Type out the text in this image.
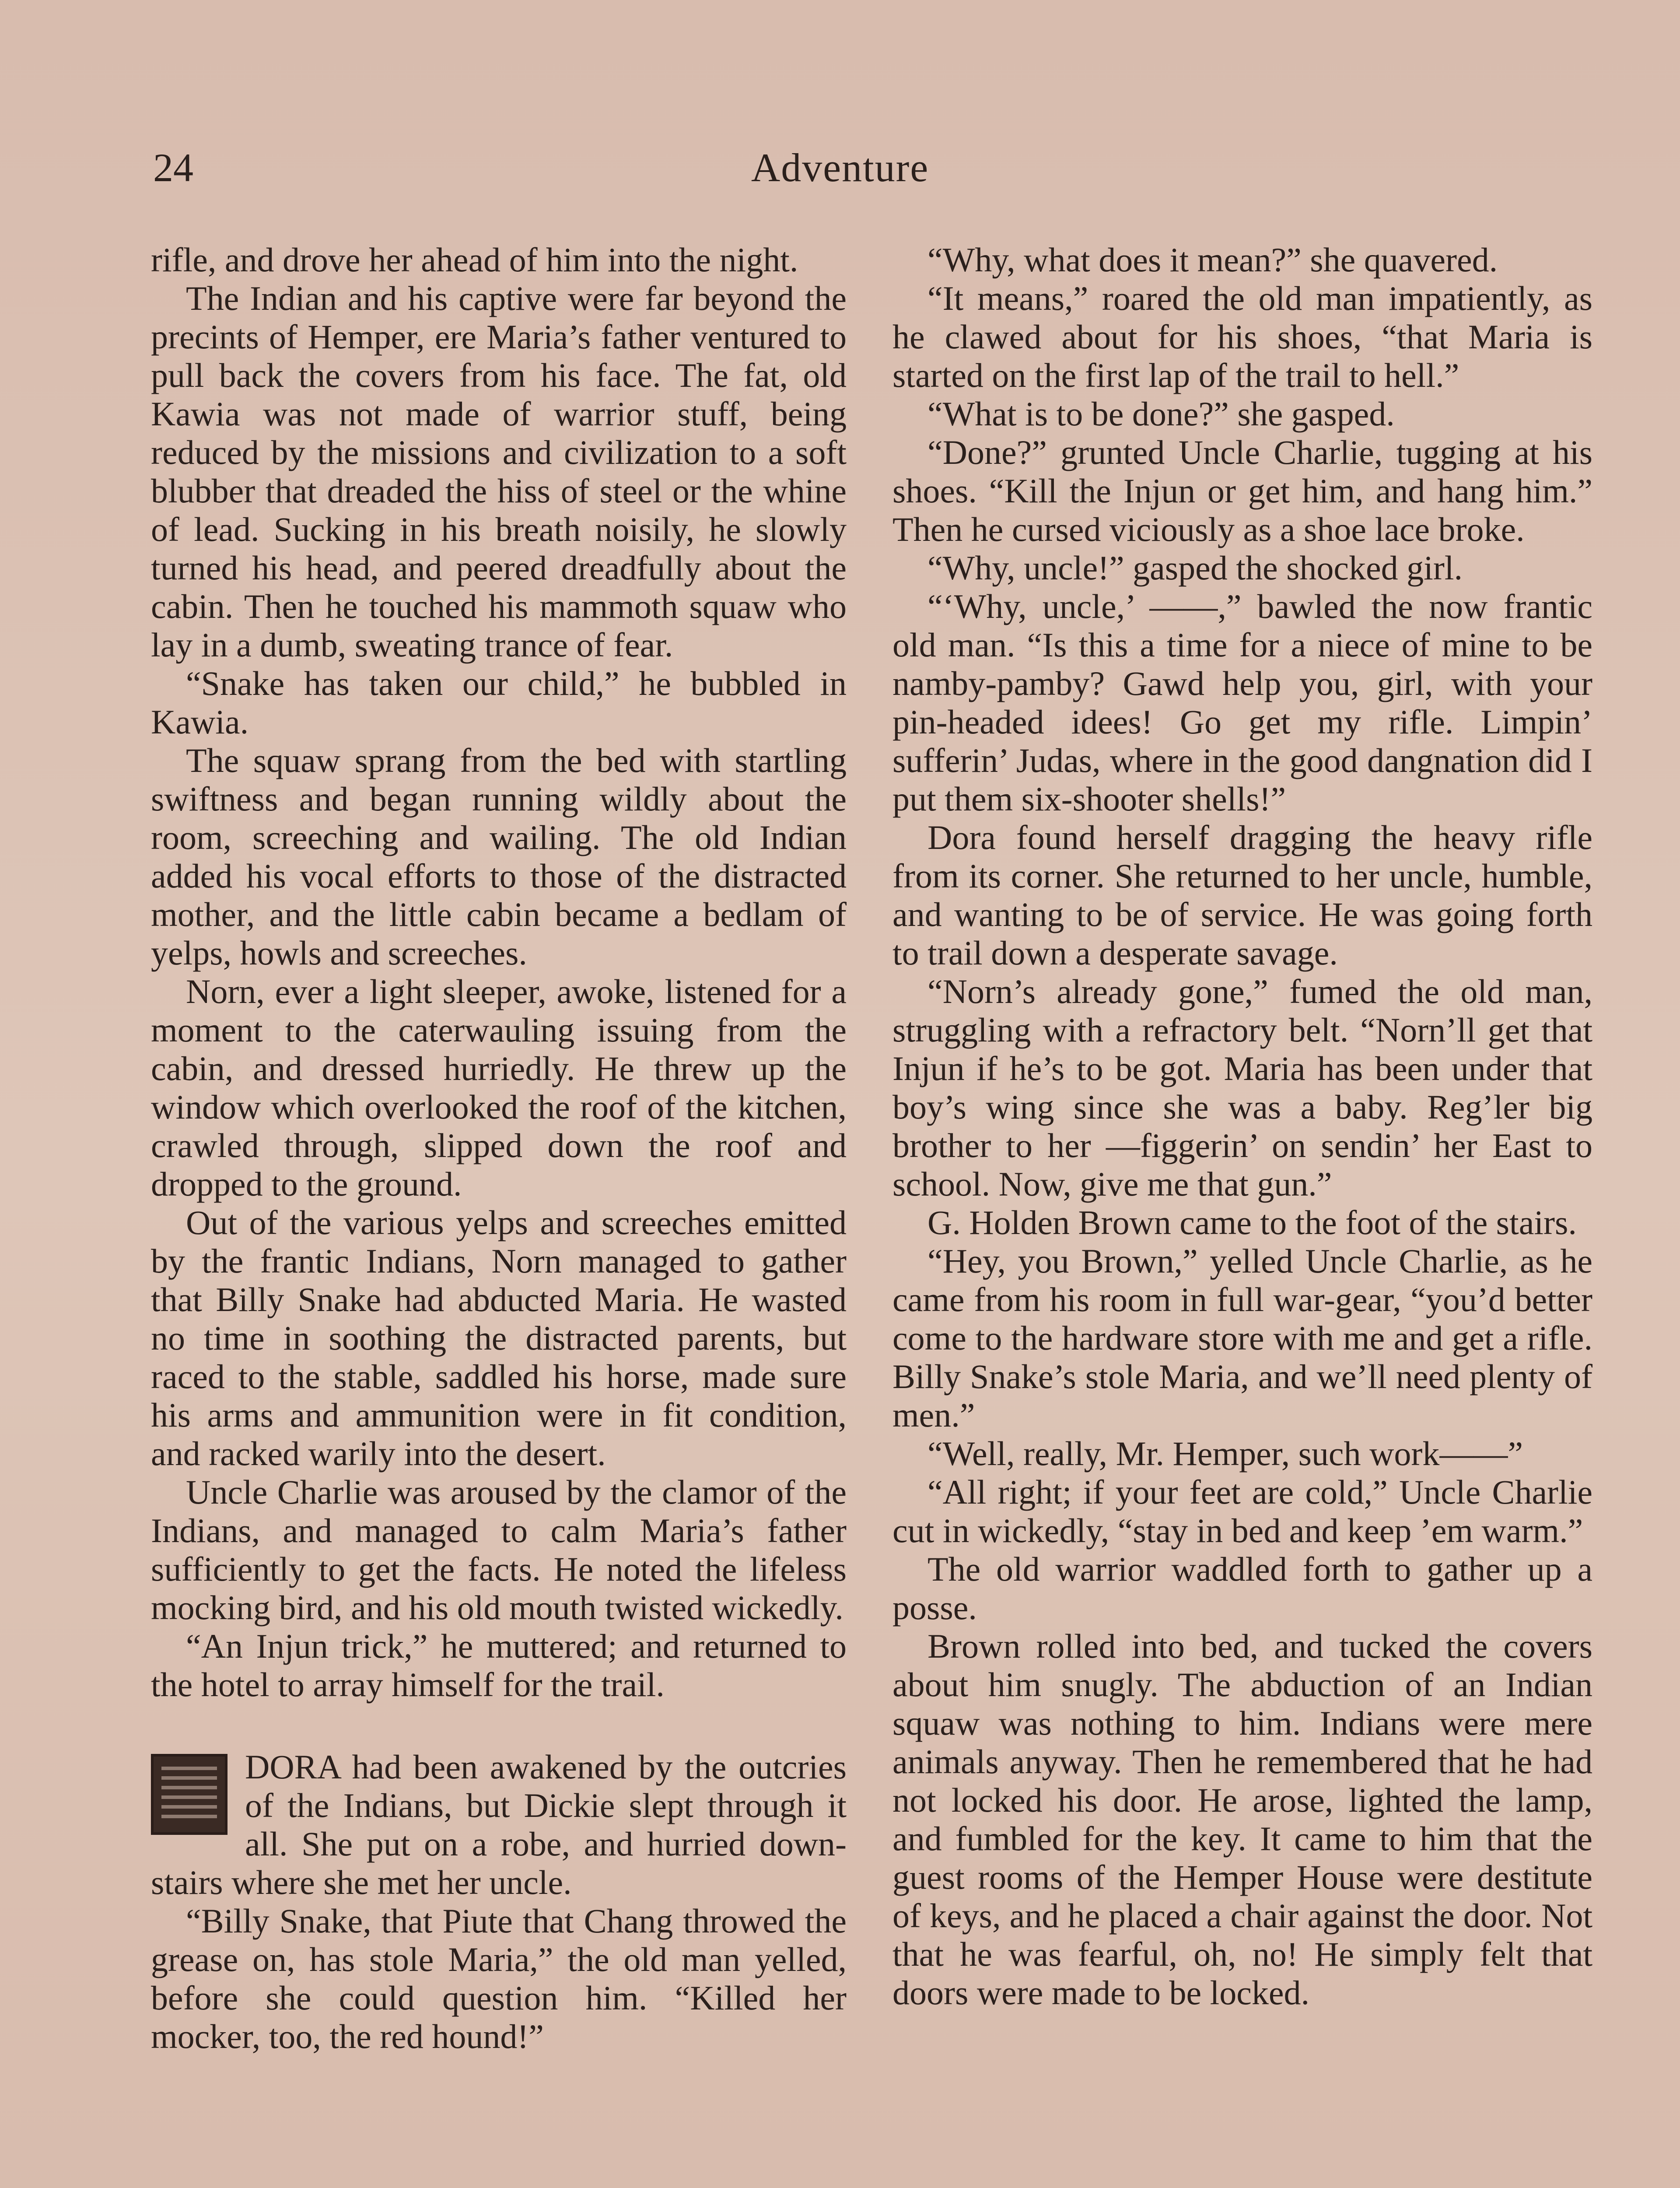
24	Adventure

rifle, and drove her ahead of him into the night.

The Indian and his captive were far beyond the precints of Hemper, ere Maria’s father ventured to pull back the covers from his face. The fat, old Kawia was not made of warrior stuff, being reduced by the missions and civilization to a soft blubber that dreaded the hiss of steel or the whine of lead. Sucking in his breath noisily, he slowly turned his head, and peered dreadfully about the cabin. Then he touched his mammoth squaw who lay in a dumb, sweating trance of fear.

“Snake has taken our child,” he bubbled in Kawia.

The squaw sprang from the bed with startling swiftness and began running wildly about the room, screeching and wailing. The old Indian added his vocal efforts to those of the distracted mother, and the little cabin became a bedlam of yelps, howls and screeches.

Norn, ever a light sleeper, awoke, listened for a moment to the caterwauling issuing from the cabin, and dressed hurriedly. He threw up the window which overlooked the roof of the kitchen, crawled through, slipped down the roof and dropped to the ground.

Out of the various yelps and screeches emitted by the frantic Indians, Norn managed to gather that Billy Snake had abducted Maria. He wasted no time in soothing the distracted parents, but raced to the stable, saddled his horse, made sure his arms and ammunition were in fit condition, and racked warily into the desert.

Uncle Charlie was aroused by the clamor of the Indians, and managed to calm Maria’s father sufficiently to get the facts. He noted the lifeless mocking bird, and his old mouth twisted wickedly.

“An Injun trick,” he muttered; and returned to the hotel to array himself for the trail.

DORA had been awakened by the outcries of the Indians, but Dickie slept through it all. She put on a robe, and hurried down-stairs where she met her uncle.

“Billy Snake, that Piute that Chang throwed the grease on, has stole Maria,” the old man yelled, before she could question him. “Killed her mocker, too, the red hound!”

“Why, what does it mean?” she quavered.

“It means,” roared the old man impatiently, as he clawed about for his shoes, “that Maria is started on the first lap of the trail to hell.”

“What is to be done?” she gasped.

“Done?” grunted Uncle Charlie, tugging at his shoes. “Kill the Injun or get him, and hang him.” Then he cursed viciously as a shoe lace broke.

“Why, uncle!” gasped the shocked girl.

“‘Why, uncle,’ ——,” bawled the now frantic old man. “Is this a time for a niece of mine to be namby-pamby? Gawd help you, girl, with your pin-headed idees! Go get my rifle. Limpin’ sufferin’ Judas, where in the good dangnation did I put them six-shooter shells!”

Dora found herself dragging the heavy rifle from its corner. She returned to her uncle, humble, and wanting to be of service. He was going forth to trail down a desperate savage.

“Norn’s already gone,” fumed the old man, struggling with a refractory belt. “Norn’ll get that Injun if he’s to be got. Maria has been under that boy’s wing since she was a baby. Reg’ler big brother to her —figgerin’ on sendin’ her East to school. Now, give me that gun.”

G. Holden Brown came to the foot of the stairs.

“Hey, you Brown,” yelled Uncle Charlie, as he came from his room in full war-gear, “you’d better come to the hardware store with me and get a rifle. Billy Snake’s stole Maria, and we’ll need plenty of men.”

“Well, really, Mr. Hemper, such work——”

“All right; if your feet are cold,” Uncle Charlie cut in wickedly, “stay in bed and keep ’em warm.”

The old warrior waddled forth to gather up a posse.

Brown rolled into bed, and tucked the covers about him snugly. The abduction of an Indian squaw was nothing to him. Indians were mere animals anyway. Then he remembered that he had not locked his door. He arose, lighted the lamp, and fumbled for the key. It came to him that the guest rooms of the Hemper House were destitute of keys, and he placed a chair against the door. Not that he was fearful, oh, no! He simply felt that doors were made to be locked.
